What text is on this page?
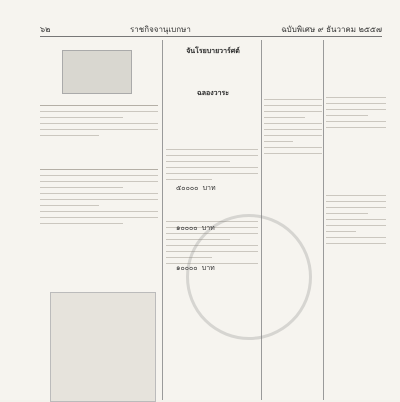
๖๒	ราชกิจจานุเบกษา	ฉบับพิเศษ ๙ ธันวาคม ๒๕๕๗
จันโรยบายวาร์ศต์
ฉลองวาระ
๕๐๐๐๐ บาท
๑๐๐๐๐ บาท
๑๐๐๐๐ บาท
